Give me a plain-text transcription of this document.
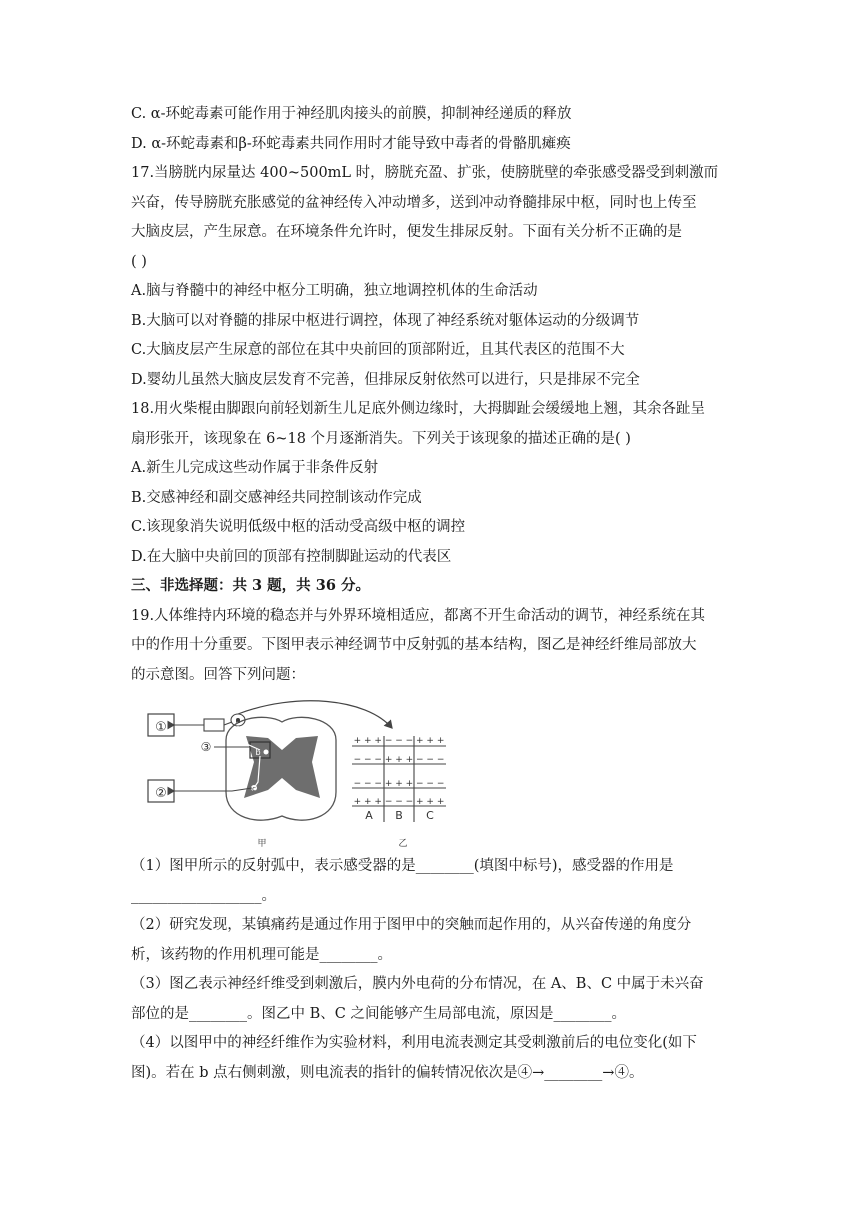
C. α-环蛇毒素可能作用于神经肌肉接头的前膜，抑制神经递质的释放
D. α-环蛇毒素和β-环蛇毒素共同作用时才能导致中毒者的骨骼肌瘫痪
17.当膀胱内尿量达 400~500mL 时，膀胱充盈、扩张，使膀胱壁的牵张感受器受到刺激而
兴奋，传导膀胱充胀感觉的盆神经传入冲动增多，送到冲动脊髓排尿中枢，同时也上传至
大脑皮层，产生尿意。在环境条件允许时，便发生排尿反射。下面有关分析不正确的是
( )
A.脑与脊髓中的神经中枢分工明确，独立地调控机体的生命活动
B.大脑可以对脊髓的排尿中枢进行调控，体现了神经系统对躯体运动的分级调节
C.大脑皮层产生尿意的部位在其中央前回的顶部附近，且其代表区的范围不大
D.婴幼儿虽然大脑皮层发育不完善，但排尿反射依然可以进行，只是排尿不完全
18.用火柴棍由脚跟向前轻划新生儿足底外侧边缘时，大拇脚趾会缓缓地上翘，其余各趾呈
扇形张开，该现象在 6~18 个月逐渐消失。下列关于该现象的描述正确的是( )
A.新生儿完成这些动作属于非条件反射
B.交感神经和副交感神经共同控制该动作完成
C.该现象消失说明低级中枢的活动受高级中枢的调控
D.在大脑中央前回的顶部有控制脚趾运动的代表区
三、非选择题：共 3 题，共 36 分。
19.人体维持内环境的稳态并与外界环境相适应，都离不开生命活动的调节，神经系统在其
中的作用十分重要。下图甲表示神经调节中反射弧的基本结构，图乙是神经纤维局部放大
的示意图。回答下列问题：
①
②
③
a
b
c
+ + + − − − + + +
− − − + + + − − −
− − − + + + − − −
+ + + − − − + + +
A B C
甲	乙
（1）图甲所示的反射弧中，表示感受器的是________(填图中标号)，感受器的作用是
__________________。
（2）研究发现，某镇痛药是通过作用于图甲中的突触而起作用的，从兴奋传递的角度分
析，该药物的作用机理可能是________。
（3）图乙表示神经纤维受到刺激后，膜内外电荷的分布情况，在 A、B、C 中属于未兴奋
部位的是________。图乙中 B、C 之间能够产生局部电流，原因是________。
（4）以图甲中的神经纤维作为实验材料，利用电流表测定其受刺激前后的电位变化(如下
图)。若在 b 点右侧刺激，则电流表的指针的偏转情况依次是④→________→④。
